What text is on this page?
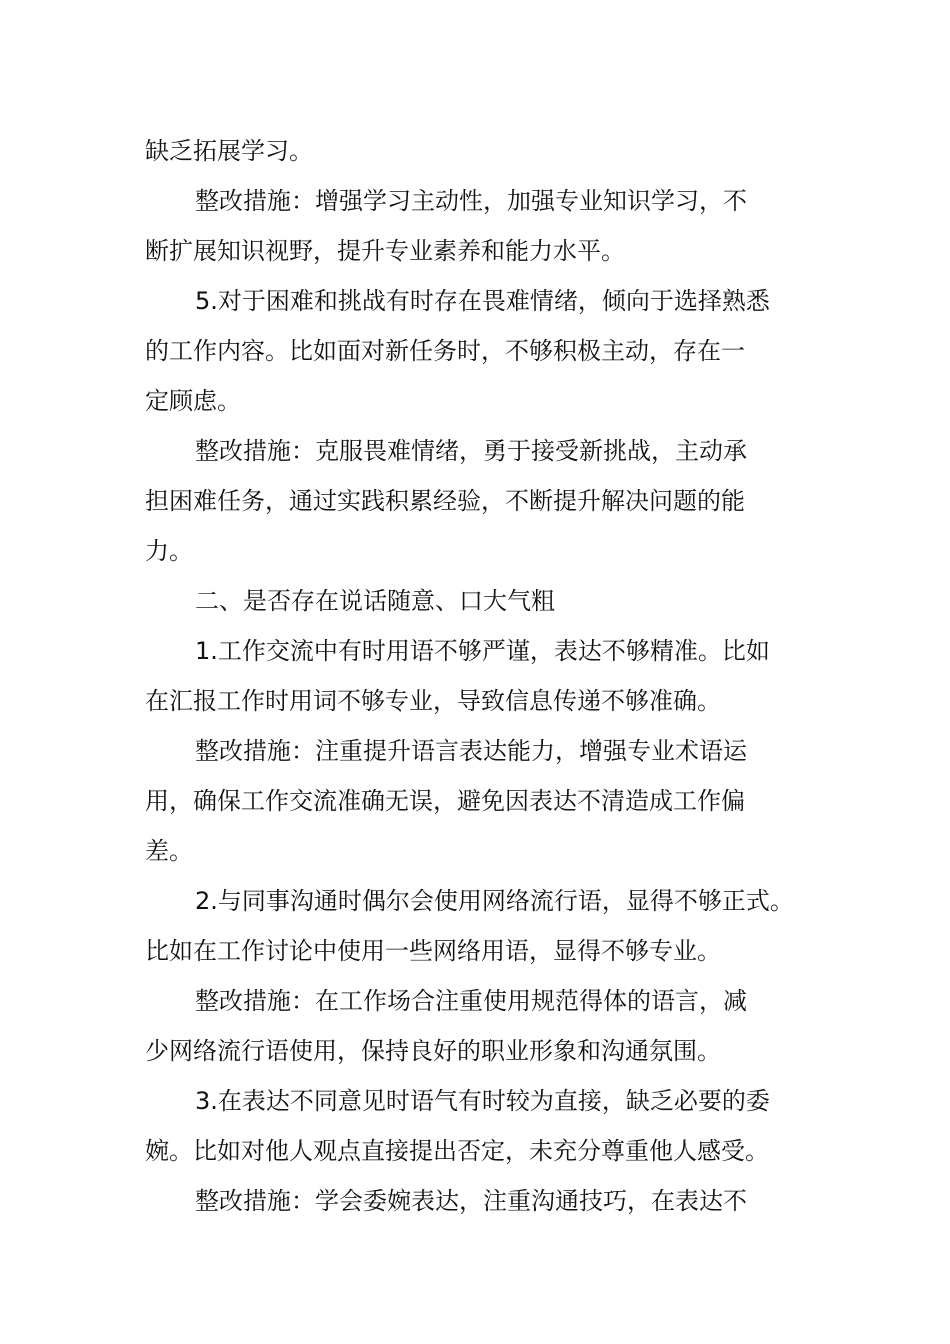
缺乏拓展学习。
整改措施：增强学习主动性，加强专业知识学习，不
断扩展知识视野，提升专业素养和能力水平。
5.对于困难和挑战有时存在畏难情绪，倾向于选择熟悉
的工作内容。比如面对新任务时，不够积极主动，存在一
定顾虑。
整改措施：克服畏难情绪，勇于接受新挑战，主动承
担困难任务，通过实践积累经验，不断提升解决问题的能
力。
二、是否存在说话随意、口大气粗
1.工作交流中有时用语不够严谨，表达不够精准。比如
在汇报工作时用词不够专业，导致信息传递不够准确。
整改措施：注重提升语言表达能力，增强专业术语运
用，确保工作交流准确无误，避免因表达不清造成工作偏
差。
2.与同事沟通时偶尔会使用网络流行语，显得不够正式。
比如在工作讨论中使用一些网络用语，显得不够专业。
整改措施：在工作场合注重使用规范得体的语言，减
少网络流行语使用，保持良好的职业形象和沟通氛围。
3.在表达不同意见时语气有时较为直接，缺乏必要的委
婉。比如对他人观点直接提出否定，未充分尊重他人感受。
整改措施：学会委婉表达，注重沟通技巧，在表达不
